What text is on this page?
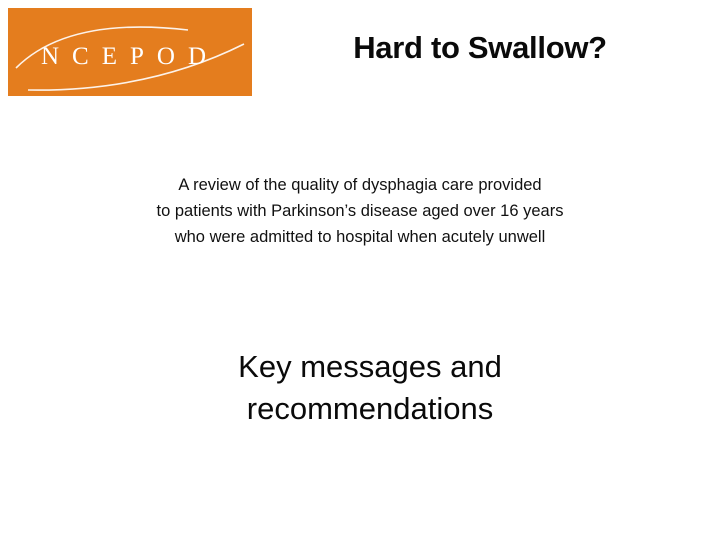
NCEPOD	Hard to Swallow?
A review of the quality of dysphagia care provided
to patients with Parkinson’s disease aged over 16 years
who were admitted to hospital when acutely unwell
Key messages and
recommendations
